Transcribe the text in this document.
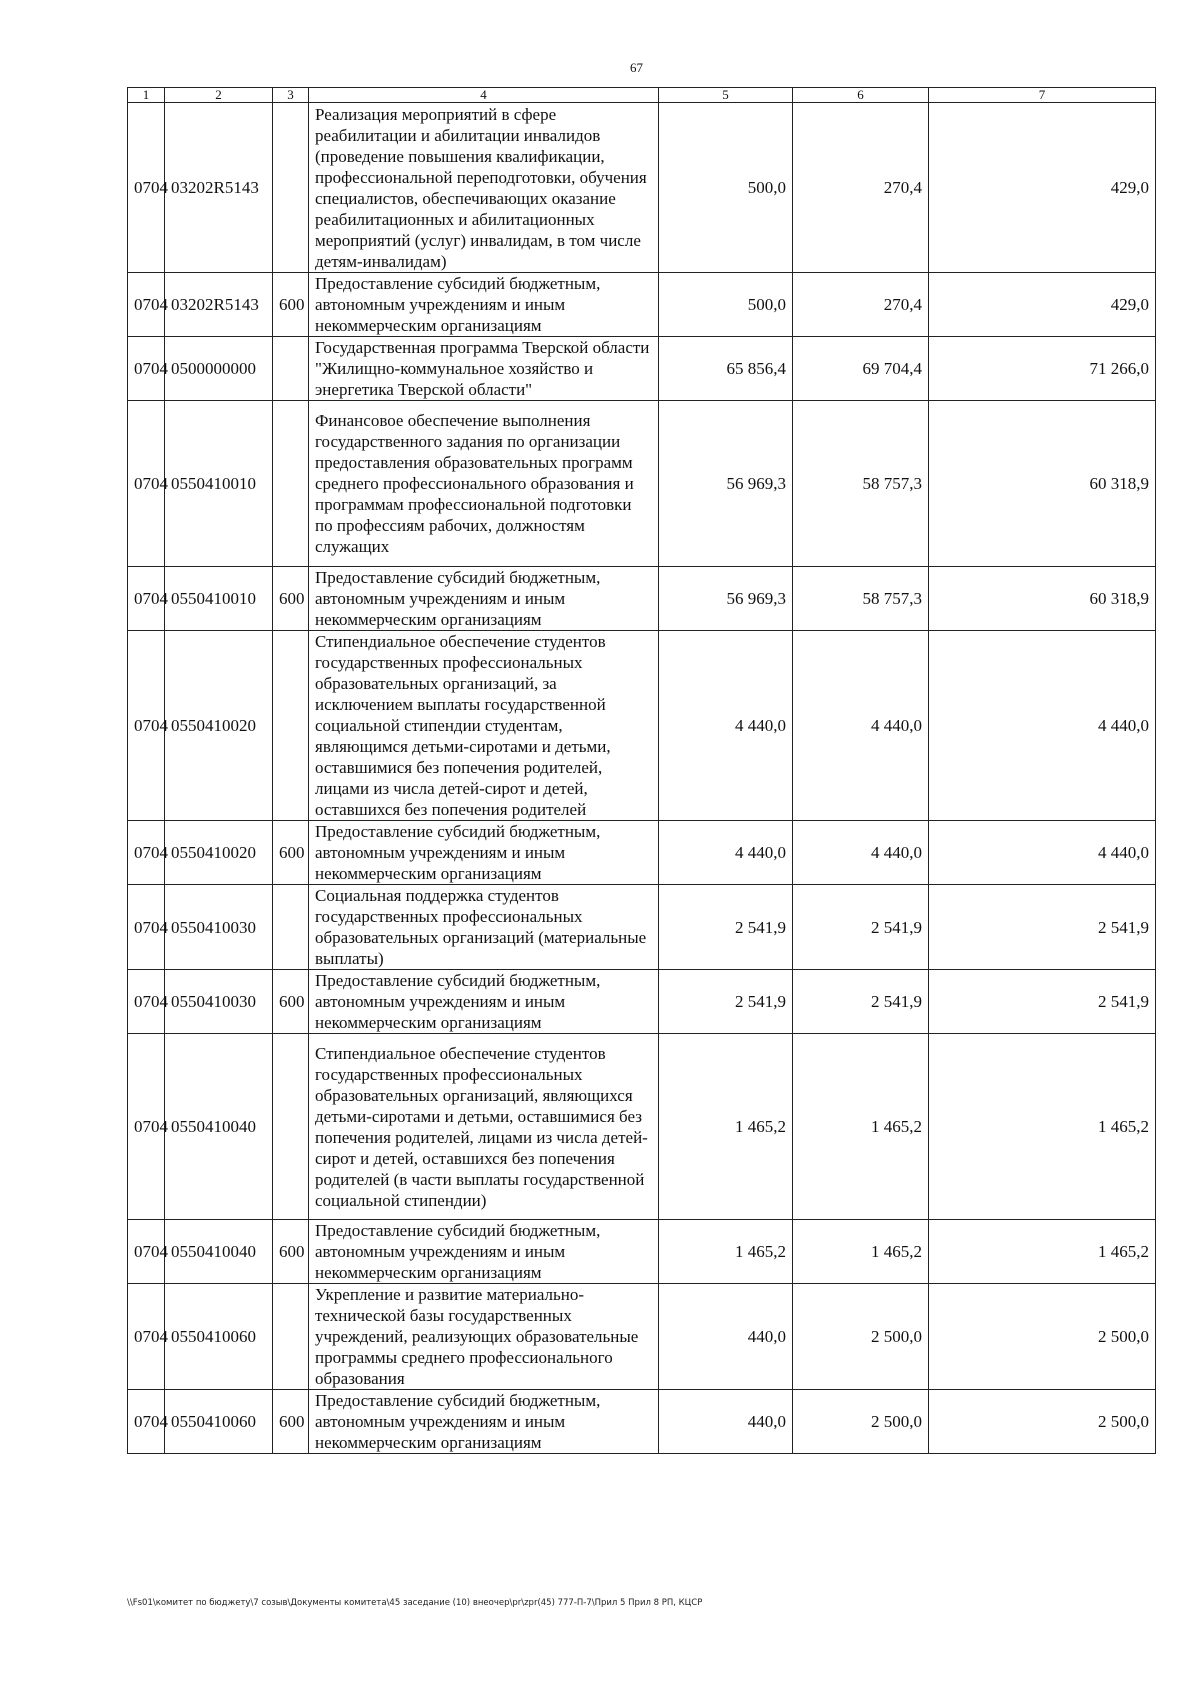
67
1	2	3	4	5	6	7
0704	03202R5143		Реализация мероприятий в сфере реабилитации и абилитации инвалидов (проведение повышения квалификации, профессиональной переподготовки, обучения специалистов, обеспечивающих оказание реабилитационных и абилитационных мероприятий (услуг) инвалидам, в том числе детям-инвалидам)	500,0	270,4	429,0
0704	03202R5143	600	Предоставление субсидий бюджетным, автономным учреждениям и иным некоммерческим организациям	500,0	270,4	429,0
0704	0500000000		Государственная программа Тверской области "Жилищно-коммунальное хозяйство и энергетика Тверской области"	65 856,4	69 704,4	71 266,0
0704	0550410010		Финансовое обеспечение выполнения государственного задания по организации предоставления образовательных программ среднего профессионального образования и программам профессиональной подготовки по профессиям рабочих, должностям служащих	56 969,3	58 757,3	60 318,9
0704	0550410010	600	Предоставление субсидий бюджетным, автономным учреждениям и иным некоммерческим организациям	56 969,3	58 757,3	60 318,9
0704	0550410020		Стипендиальное обеспечение студентов государственных профессиональных образовательных организаций, за исключением выплаты государственной социальной стипендии студентам, являющимся детьми-сиротами и детьми, оставшимися без попечения родителей, лицами из числа детей-сирот и детей, оставшихся без попечения родителей	4 440,0	4 440,0	4 440,0
0704	0550410020	600	Предоставление субсидий бюджетным, автономным учреждениям и иным некоммерческим организациям	4 440,0	4 440,0	4 440,0
0704	0550410030		Социальная поддержка студентов государственных профессиональных образовательных организаций (материальные выплаты)	2 541,9	2 541,9	2 541,9
0704	0550410030	600	Предоставление субсидий бюджетным, автономным учреждениям и иным некоммерческим организациям	2 541,9	2 541,9	2 541,9
0704	0550410040		Стипендиальное обеспечение студентов государственных профессиональных образовательных организаций, являющихся детьми-сиротами и детьми, оставшимися без попечения родителей, лицами из числа детей-сирот и детей, оставшихся без попечения родителей (в части выплаты государственной социальной стипендии)	1 465,2	1 465,2	1 465,2
0704	0550410040	600	Предоставление субсидий бюджетным, автономным учреждениям и иным некоммерческим организациям	1 465,2	1 465,2	1 465,2
0704	0550410060		Укрепление и развитие материально-технической базы государственных учреждений, реализующих образовательные программы среднего профессионального образования	440,0	2 500,0	2 500,0
0704	0550410060	600	Предоставление субсидий бюджетным, автономным учреждениям и иным некоммерческим организациям	440,0	2 500,0	2 500,0
\\Fs01\комитет по бюджету\7 созыв\Документы комитета\45 заседание (10) внеочер\pr\zpr(45) 777-П-7\Прил 5 Прил 8 РП, КЦСР
